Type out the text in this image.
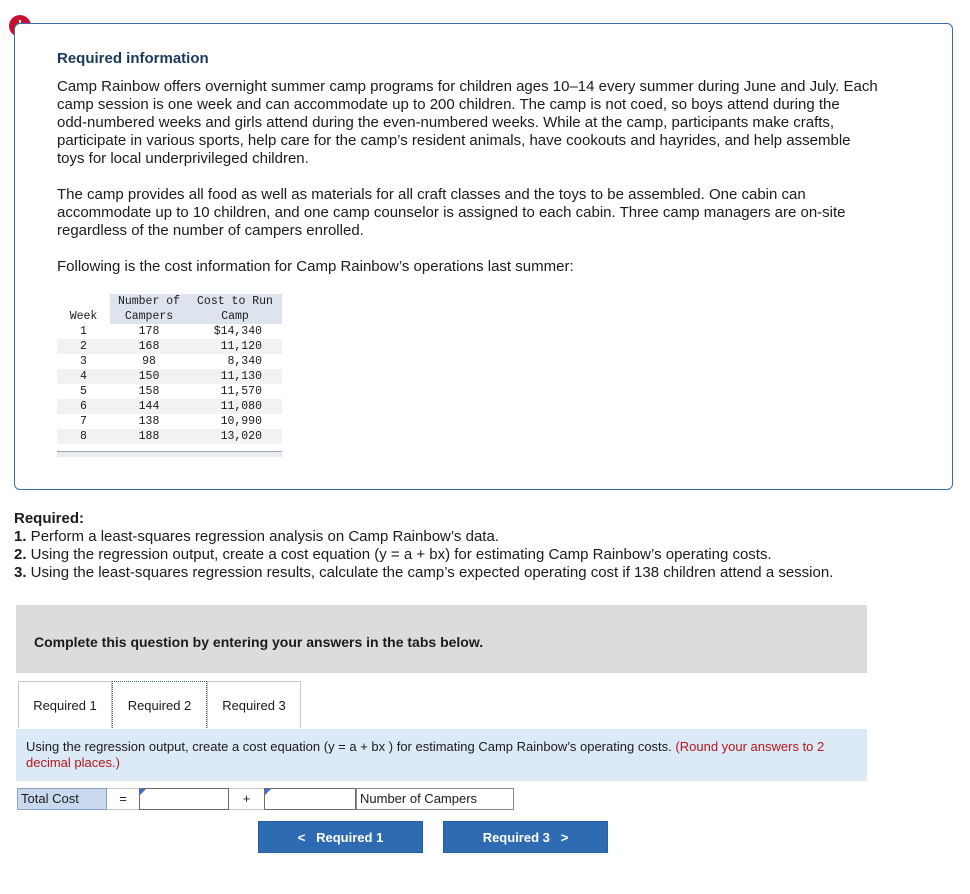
Required information
Camp Rainbow offers overnight summer camp programs for children ages 10–14 every summer during June and July. Each
camp session is one week and can accommodate up to 200 children. The camp is not coed, so boys attend during the
odd-numbered weeks and girls attend during the even-numbered weeks. While at the camp, participants make crafts,
participate in various sports, help care for the camp’s resident animals, have cookouts and hayrides, and help assemble
toys for local underprivileged children.
The camp provides all food as well as materials for all craft classes and the toys to be assembled. One cabin can
accommodate up to 10 children, and one camp counselor is assigned to each cabin. Three camp managers are on-site
regardless of the number of campers enrolled.
Following is the cost information for Camp Rainbow’s operations last summer:
	Number of	Cost to Run
Week	Campers	Camp
1	178	$14,340
2	168	11,120
3	98	8,340
4	150	11,130
5	158	11,570
6	144	11,080
7	138	10,990
8	188	13,020
Required:
1. Perform a least-squares regression analysis on Camp Rainbow’s data.
2. Using the regression output, create a cost equation (y = a + bx) for estimating Camp Rainbow’s operating costs.
3. Using the least-squares regression results, calculate the camp’s expected operating cost if 138 children attend a session.
Complete this question by entering your answers in the tabs below.
Required 1	Required 2	Required 3
Using the regression output, create a cost equation (y = a + bx ) for estimating Camp Rainbow’s operating costs. (Round your answers to 2 decimal places.)
Total Cost	=	+	Number of Campers
< Required 1	Required 3 >
